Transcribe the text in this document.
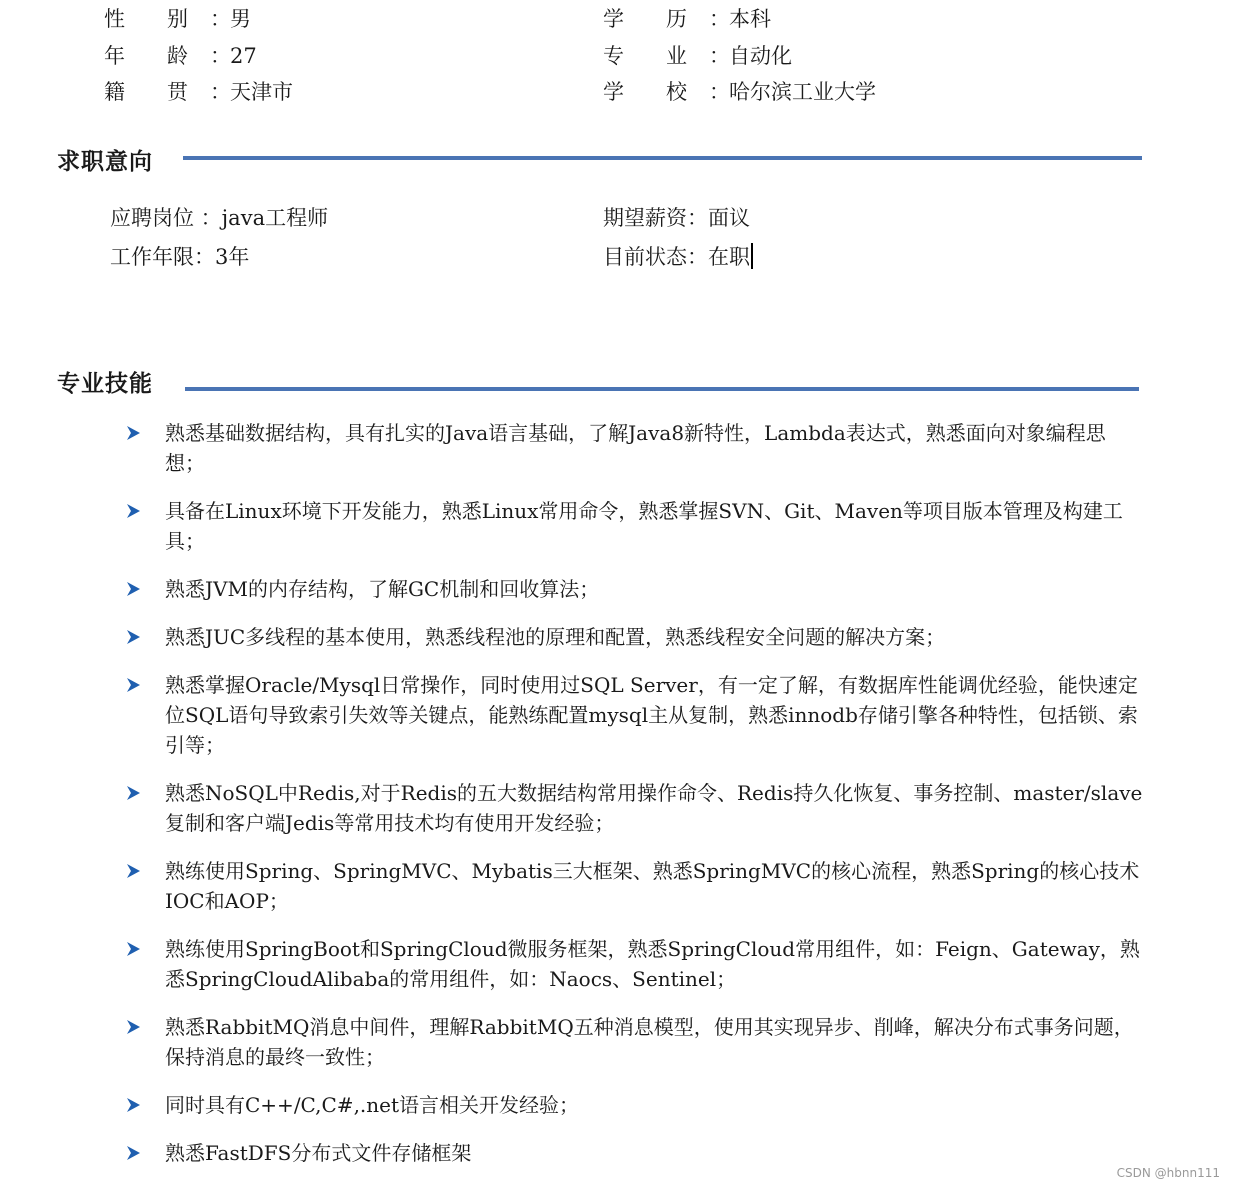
性　　别 ：男
年　　龄 ：27
籍　　贯 ：天津市
学　　历 ：本科
专　　业 ：自动化
学　　校 ：哈尔滨工业大学
求职意向
应聘岗位 ：java工程师
工作年限：3年
期望薪资：面议
目前状态：在职
专业技能
熟悉基础数据结构，具有扎实的Java语言基础，了解Java8新特性，Lambda表达式，熟悉面向对象编程思想；
具备在Linux环境下开发能力，熟悉Linux常用命令，熟悉掌握SVN、Git、Maven等项目版本管理及构建工具；
熟悉JVM的内存结构，了解GC机制和回收算法；
熟悉JUC多线程的基本使用，熟悉线程池的原理和配置，熟悉线程安全问题的解决方案；
熟悉掌握Oracle/Mysql日常操作，同时使用过SQL Server，有一定了解，有数据库性能调优经验，能快速定位SQL语句导致索引失效等关键点，能熟练配置mysql主从复制，熟悉innodb存储引擎各种特性，包括锁、索引等；
熟悉NoSQL中Redis,对于Redis的五大数据结构常用操作命令、Redis持久化恢复、事务控制、master/slave复制和客户端Jedis等常用技术均有使用开发经验；
熟练使用Spring、SpringMVC、Mybatis三大框架、熟悉SpringMVC的核心流程，熟悉Spring的核心技术IOC和AOP；
熟练使用SpringBoot和SpringCloud微服务框架，熟悉SpringCloud常用组件，如：Feign、Gateway，熟悉SpringCloudAlibaba的常用组件，如：Naocs、Sentinel；
熟悉RabbitMQ消息中间件，理解RabbitMQ五种消息模型，使用其实现异步、削峰，解决分布式事务问题，保持消息的最终一致性；
同时具有C++/C,C#,.net语言相关开发经验；
熟悉FastDFS分布式文件存储框架
CSDN @hbnn111
